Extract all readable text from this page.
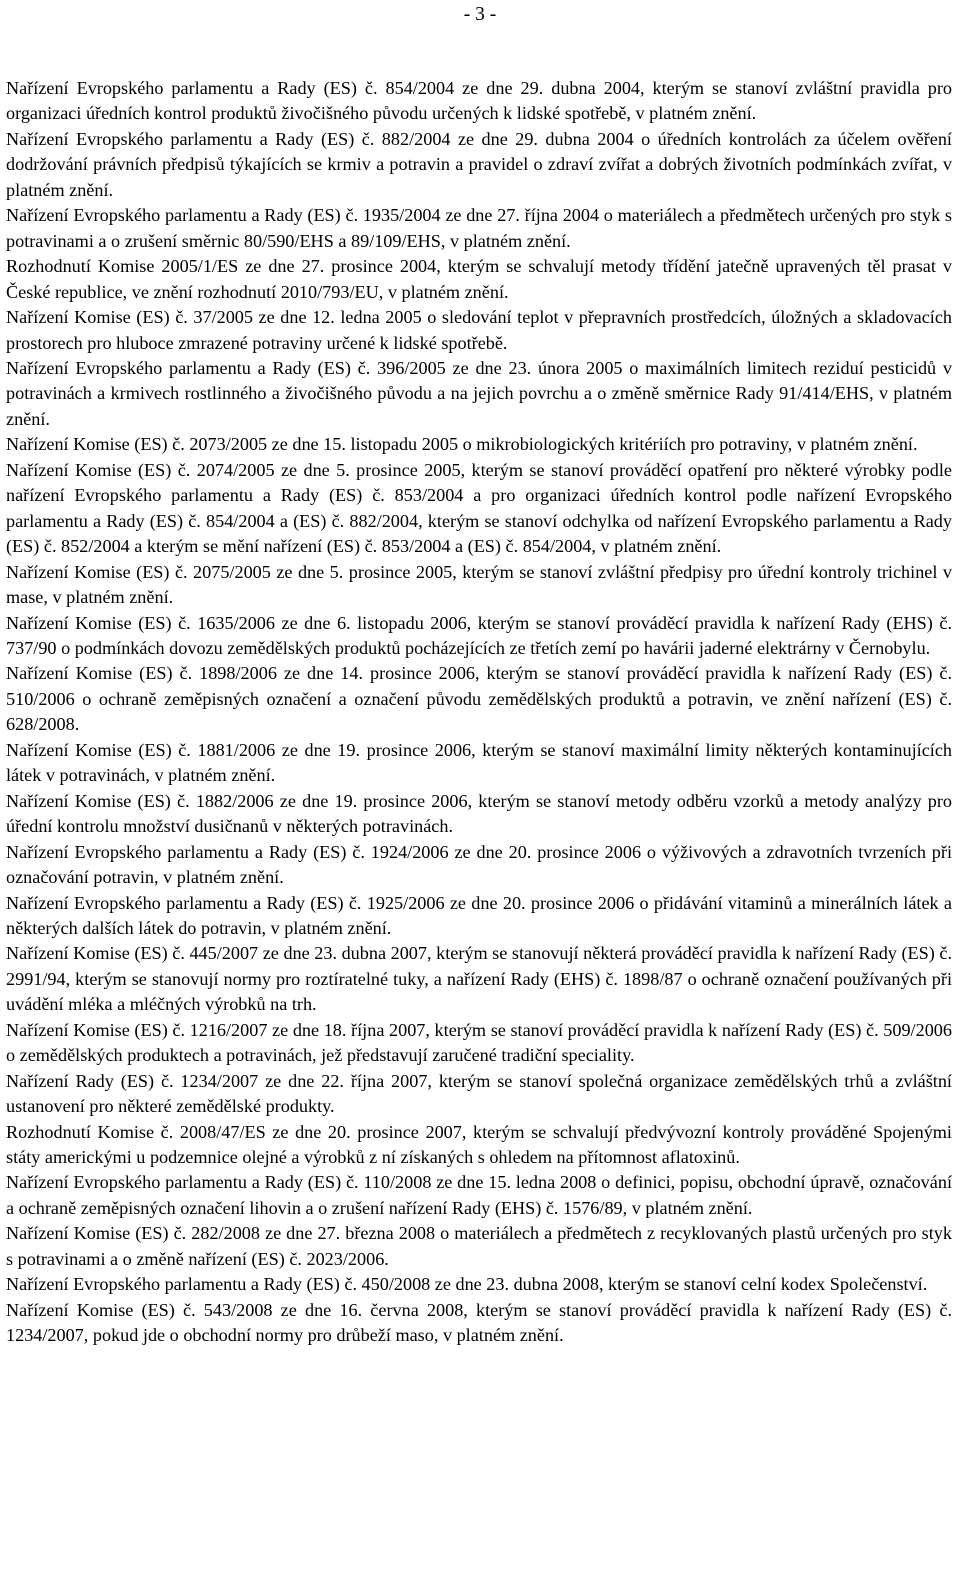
- 3 -

Nařízení Evropského parlamentu a Rady (ES) č. 854/2004 ze dne 29. dubna 2004, kterým se stanoví zvláštní pravidla pro organizaci úředních kontrol produktů živočišného původu určených k lidské spotřebě, v platném znění.

Nařízení Evropského parlamentu a Rady (ES) č. 882/2004 ze dne 29. dubna 2004 o úředních kontrolách za účelem ověření dodržování právních předpisů týkajících se krmiv a potravin a pravidel o zdraví zvířat a dobrých životních podmínkách zvířat, v platném znění.

Nařízení Evropského parlamentu a Rady (ES) č. 1935/2004 ze dne 27. října 2004 o materiálech a předmětech určených pro styk s potravinami a o zrušení směrnic 80/590/EHS a 89/109/EHS, v platném znění.

Rozhodnutí Komise 2005/1/ES ze dne 27. prosince 2004, kterým se schvalují metody třídění jatečně upravených těl prasat v České republice, ve znění rozhodnutí 2010/793/EU, v platném znění.

Nařízení Komise (ES) č. 37/2005 ze dne 12. ledna 2005 o sledování teplot v přepravních prostředcích, úložných a skladovacích prostorech pro hluboce zmrazené potraviny určené k lidské spotřebě.

Nařízení Evropského parlamentu a Rady (ES) č. 396/2005 ze dne 23. února 2005 o maximálních limitech reziduí pesticidů v potravinách a krmivech rostlinného a živočišného původu a na jejich povrchu a o změně směrnice Rady 91/414/EHS, v platném znění.

Nařízení Komise (ES) č. 2073/2005 ze dne 15. listopadu 2005 o mikrobiologických kritériích pro potraviny, v platném znění.

Nařízení Komise (ES) č. 2074/2005 ze dne 5. prosince 2005, kterým se stanoví prováděcí opatření pro některé výrobky podle nařízení Evropského parlamentu a Rady (ES) č. 853/2004 a pro organizaci úředních kontrol podle nařízení Evropského parlamentu a Rady (ES) č. 854/2004 a (ES) č. 882/2004, kterým se stanoví odchylka od nařízení Evropského parlamentu a Rady (ES) č. 852/2004 a kterým se mění nařízení (ES) č. 853/2004 a (ES) č. 854/2004, v platném znění.

Nařízení Komise (ES) č. 2075/2005 ze dne 5. prosince 2005, kterým se stanoví zvláštní předpisy pro úřední kontroly trichinel v mase, v platném znění.

Nařízení Komise (ES) č. 1635/2006 ze dne 6. listopadu 2006, kterým se stanoví prováděcí pravidla k nařízení Rady (EHS) č. 737/90 o podmínkách dovozu zemědělských produktů pocházejících ze třetích zemí po havárii jaderné elektrárny v Černobylu.

Nařízení Komise (ES) č. 1898/2006 ze dne 14. prosince 2006, kterým se stanoví prováděcí pravidla k nařízení Rady (ES) č. 510/2006 o ochraně zeměpisných označení a označení původu zemědělských produktů a potravin, ve znění nařízení (ES) č. 628/2008.

Nařízení Komise (ES) č. 1881/2006 ze dne 19. prosince 2006, kterým se stanoví maximální limity některých kontaminujících látek v potravinách, v platném znění.

Nařízení Komise (ES) č. 1882/2006 ze dne 19. prosince 2006, kterým se stanoví metody odběru vzorků a metody analýzy pro úřední kontrolu množství dusičnanů v některých potravinách.

Nařízení Evropského parlamentu a Rady (ES) č. 1924/2006 ze dne 20. prosince 2006 o výživových a zdravotních tvrzeních při označování potravin, v platném znění.

Nařízení Evropského parlamentu a Rady (ES) č. 1925/2006 ze dne 20. prosince 2006 o přidávání vitaminů a minerálních látek a některých dalších látek do potravin, v platném znění.

Nařízení Komise (ES) č. 445/2007 ze dne 23. dubna 2007, kterým se stanovují některá prováděcí pravidla k nařízení Rady (ES) č. 2991/94, kterým se stanovují normy pro roztíratelné tuky, a nařízení Rady (EHS) č. 1898/87 o ochraně označení používaných při uvádění mléka a mléčných výrobků na trh.

Nařízení Komise (ES) č. 1216/2007 ze dne 18. října 2007, kterým se stanoví prováděcí pravidla k nařízení Rady (ES) č. 509/2006 o zemědělských produktech a potravinách, jež představují zaručené tradiční speciality.

Nařízení Rady (ES) č. 1234/2007 ze dne 22. října 2007, kterým se stanoví společná organizace zemědělských trhů a zvláštní ustanovení pro některé zemědělské produkty.

Rozhodnutí Komise č. 2008/47/ES ze dne 20. prosince 2007, kterým se schvalují předvývozní kontroly prováděné Spojenými státy americkými u podzemnice olejné a výrobků z ní získaných s ohledem na přítomnost aflatoxinů.

Nařízení Evropského parlamentu a Rady (ES) č. 110/2008 ze dne 15. ledna 2008 o definici, popisu, obchodní úpravě, označování a ochraně zeměpisných označení lihovin a o zrušení nařízení Rady (EHS) č. 1576/89, v platném znění.

Nařízení Komise (ES) č. 282/2008 ze dne 27. března 2008 o materiálech a předmětech z recyklovaných plastů určených pro styk s potravinami a o změně nařízení (ES) č. 2023/2006.

Nařízení Evropského parlamentu a Rady (ES) č. 450/2008 ze dne 23. dubna 2008, kterým se stanoví celní kodex Společenství.

Nařízení Komise (ES) č. 543/2008 ze dne 16. června 2008, kterým se stanoví prováděcí pravidla k nařízení Rady (ES) č. 1234/2007, pokud jde o obchodní normy pro drůbeží maso, v platném znění.
